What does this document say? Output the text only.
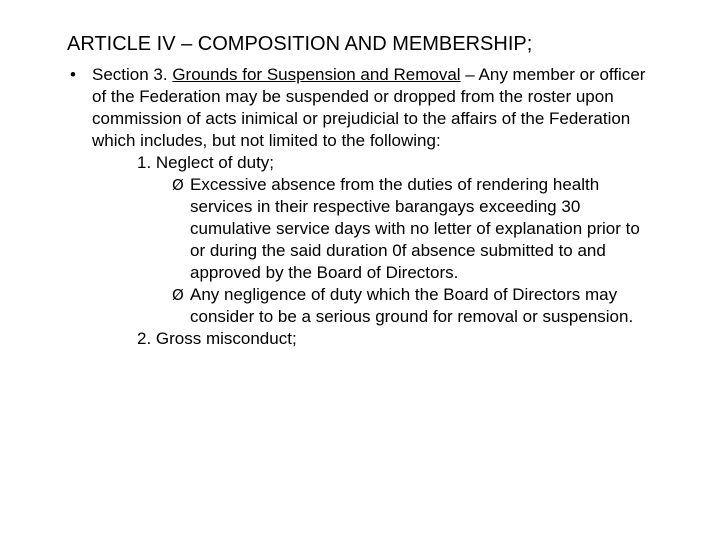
ARTICLE IV – COMPOSITION AND MEMBERSHIP;
• Section 3. Grounds for Suspension and Removal – Any member or officer of the Federation may be suspended or dropped from the roster upon commission of acts inimical or prejudicial to the affairs of the Federation which includes, but not limited to the following:
1. Neglect of duty;
Ø Excessive absence from the duties of rendering health services in their respective barangays exceeding 30 cumulative service days with no letter of explanation prior to or during the said duration 0f absence submitted to and approved by the Board of Directors.
Ø Any negligence of duty which the Board of Directors may consider to be a serious ground for removal or suspension.
2. Gross misconduct;
